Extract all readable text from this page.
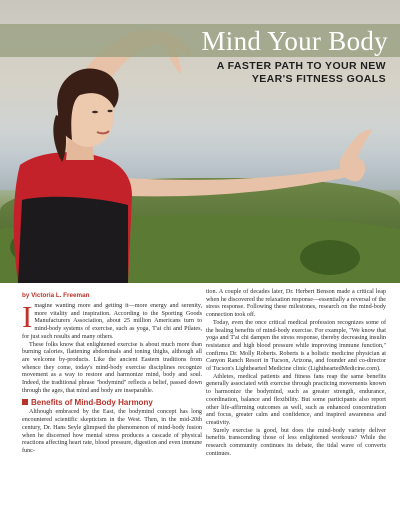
Mind Your Body
A FASTER PATH TO YOUR NEW YEAR'S FITNESS GOALS
by Victoria L. Freeman

Imagine wanting more and getting it—more energy and serenity, more vitality and inspiration. According to the Sporting Goods Manufacturers Association, about 25 million Americans turn to mind-body systems of exercise, such as yoga, T'ai chi and Pilates, for just such results and many others.

These folks know that enlightened exercise is about much more than burning calories, flattening abdominals and toning thighs, although all are welcome by-products. Like the ancient Eastern traditions from whence they come, today's mind-body exercise disciplines recognize movement as a way to restore and harmonize mind, body and soul. Indeed, the traditional phrase "bodymind" reflects a belief, passed down through the ages, that mind and body are inseparable.

Benefits of Mind-Body Harmony

Although embraced by the East, the bodymind concept has long encountered scientific skepticism in the West. Then, in the mid-20th century, Dr. Hans Seyle glimpsed the phenomenon of mind-body fusion when he discerned how mental stress produces a cascade of physical reactions affecting heart rate, blood pressure, digestion and even immune func-

tion. A couple of decades later, Dr. Herbert Benson made a critical leap when he discovered the relaxation response—essentially a reversal of the stress response. Following these milestones, research on the mind-body connection took off.

Today, even the once critical medical profession recognizes some of the healing benefits of mind-body exercise. For example, "We know that yoga and T'ai chi dampen the stress response, thereby decreasing insulin resistance and high blood pressure while improving immune function," confirms Dr. Molly Roberts. Roberts is a holistic medicine physician at Canyon Ranch Resort in Tucson, Arizona, and founder and co-director of Tucson's Lighthearted Medicine clinic (LightheartedMedicine.com).

Athletes, medical patients and fitness fans reap the same benefits generally associated with exercise through practicing movements known to harmonize the bodymind, such as greater strength, endurance, coordination, balance and flexibility. But some participants also report other life-affirming outcomes as well, such as enhanced concentration and focus, greater calm and confidence, and inspired awareness and creativity.

Surely exercise is good, but does the mind-body variety deliver benefits transcending those of less enlightened workouts? While the research community continues its debate, the tidal wave of converts continues.
